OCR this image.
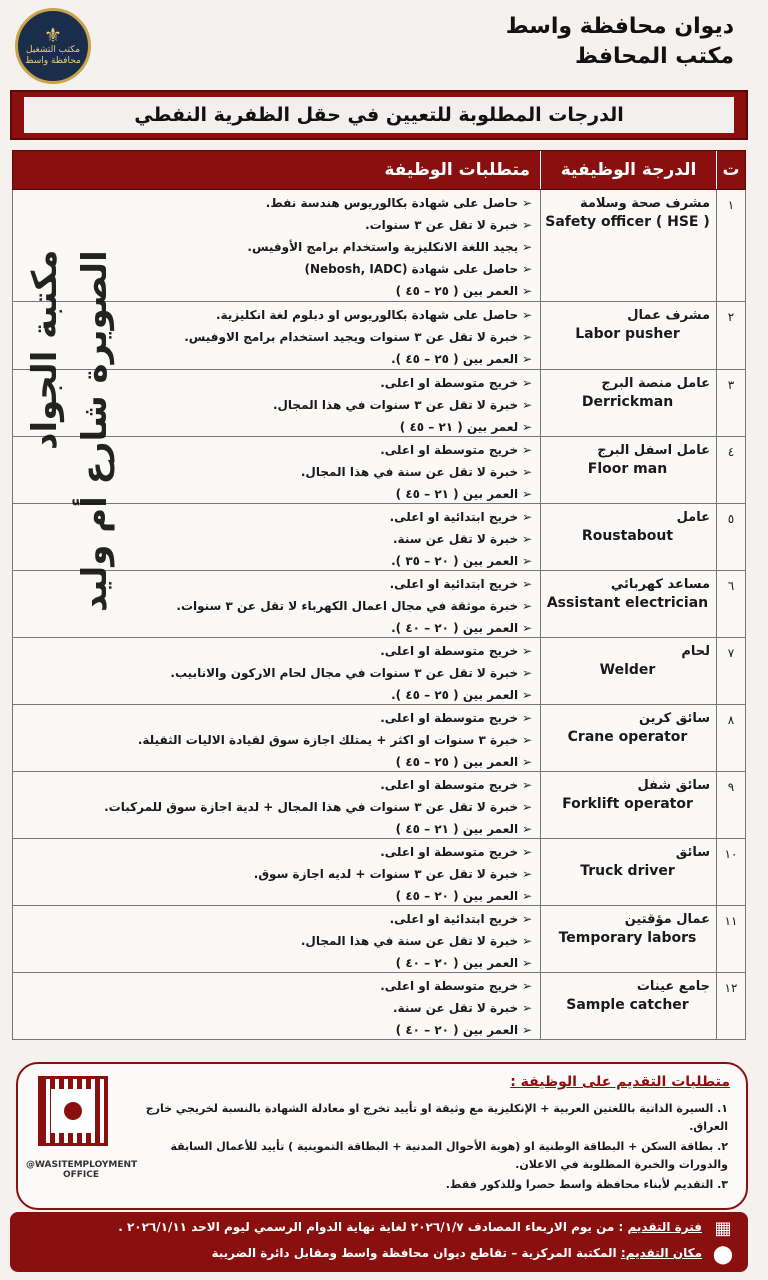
⚜
مكتب التشغيل
محافظة واسط
ديوان محافظة واسط
مكتب المحافظ
الدرجات المطلوبة للتعيين في حقل الظفرية النفطي
ت
الدرجة الوظيفية
متطلبات الوظيفة
١
مشرف صحة وسلامة
Safety officer ( HSE )
➢ حاصل على شهادة بكالوريوس هندسة نفط.
➢ خبرة لا تقل عن ٣ سنوات.
➢ يجيد اللغة الانكليزية واستخدام برامج الأوفيس.
➢ حاصل على شهادة (Nebosh, IADC)
➢ العمر بين ( ٢٥ – ٤٥ )
٢
مشرف عمال
Labor pusher
➢ حاصل على شهادة بكالوريوس او دبلوم لغة انكليزية.
➢ خبرة لا تقل عن ٣ سنوات ويجيد استخدام برامج الاوفيس.
➢ العمر بين ( ٢٥ – ٤٥ ).
٣
عامل منصة البرج
Derrickman
➢ خريج متوسطة او اعلى.
➢ خبرة لا تقل عن ٣ سنوات في هذا المجال.
➢ لعمر بين ( ٢١ – ٤٥ )
٤
عامل اسفل البرج
Floor man
➢ خريج متوسطة او اعلى.
➢ خبرة لا تقل عن سنة في هذا المجال.
➢ العمر بين ( ٢١ – ٤٥ )
٥
عامل
Roustabout
➢ خريج ابتدائية او اعلى.
➢ خبرة لا تقل عن سنة.
➢ العمر بين ( ٢٠ – ٣٥ ).
٦
مساعد كهربائي
Assistant electrician
➢ خريج ابتدائية او اعلى.
➢ خبرة موثقة في مجال اعمال الكهرباء لا تقل عن ٣ سنوات.
➢ العمر بين ( ٢٠ – ٤٠ ).
٧
لحام
Welder
➢ خريج متوسطة او اعلى.
➢ خبرة لا تقل عن ٣ سنوات في مجال لحام الاركون والانابيب.
➢ العمر بين ( ٢٥ – ٤٥ ).
٨
سائق كرين
Crane operator
➢ خريج متوسطة او اعلى.
➢ خبرة ٣ سنوات او اكثر + يمتلك اجازة سوق لقيادة الاليات الثقيلة.
➢ العمر بين ( ٢٥ – ٤٥ )
٩
سائق شفل
Forklift operator
➢ خريج متوسطة او اعلى.
➢ خبرة لا تقل عن ٣ سنوات في هذا المجال + لدية اجازة سوق للمركبات.
➢ العمر بين ( ٢١ – ٤٥ )
١٠
سائق
Truck driver
➢ خريج متوسطة او اعلى.
➢ خبرة لا تقل عن ٣ سنوات + لديه اجازة سوق.
➢ العمر بين ( ٢٠ – ٤٥ )
١١
عمال مؤقتين
Temporary labors
➢ خريج ابتدائية او اعلى.
➢ خبرة لا تقل عن سنة في هذا المجال.
➢ العمر بين ( ٢٠ – ٤٠ )
١٢
جامع عينات
Sample catcher
➢ خريج متوسطة او اعلى.
➢ خبرة لا تقل عن سنة.
➢ العمر بين ( ٢٠ – ٤٠ )
مكتبة الجواد الصويرة شارع أم وليد
@WASITEMPLOYMENT OFFICE
متطلبات التقديم على الوظيفة :
١. السيرة الذاتية باللغتين العربية + الإنكليزية مع وثيقة او تأييد تخرج او معادلة الشهادة بالنسبة لخريجي خارج العراق.
٢. بطاقة السكن + البطاقة الوطنية او (هوية الأحوال المدنية + البطاقة التموينية ) تأييد للأعمال السابقة والدورات والخبرة المطلوبة في الاعلان.
٣. التقديم لأبناء محافظة واسط حصرا وللذكور فقط.
▦
فترة التقديم : من يوم الاربعاء المصادف ٢٠٢٦/١/٧ لغاية نهاية الدوام الرسمي ليوم الاحد ٢٠٢٦/١/١١ .
⬤
مكان التقديم: المكتبة المركزية – تقاطع ديوان محافظة واسط ومقابل دائرة الضريبة
